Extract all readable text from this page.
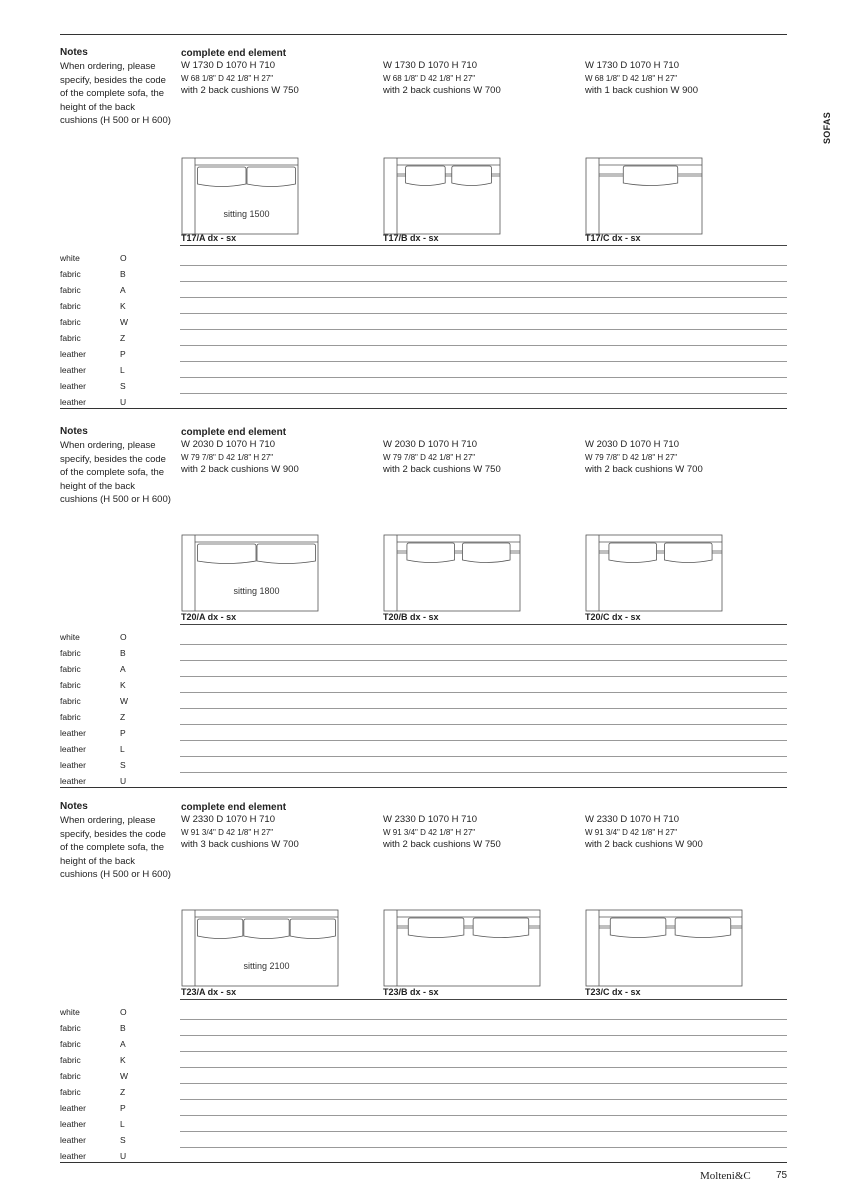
SOFAS
Notes
When ordering, please specify, besides the code of the complete sofa, the height of the back cushions (H 500 or H 600)
complete end element
W 1730 D 1070 H 710
W 68 1/8" D 42 1/8" H 27"
with 2 back cushions W 750
sitting 1500
T17/A dx - sx
W 1730 D 1070 H 710
W 68 1/8" D 42 1/8" H 27"
with 2 back cushions W 700
T17/B dx - sx
W 1730 D 1070 H 710
W 68 1/8" D 42 1/8" H 27"
with 1 back cushion W 900
T17/C dx - sx
white	O
fabric	B
fabric	A
fabric	K
fabric	W
fabric	Z
leather	P
leather	L
leather	S
leather	U
Notes
When ordering, please specify, besides the code of the complete sofa, the height of the back cushions (H 500 or H 600)
complete end element
W 2030 D 1070 H 710
W 79 7/8" D 42 1/8" H 27"
with 2 back cushions W 900
sitting 1800
T20/A dx - sx
W 2030 D 1070 H 710
W 79 7/8" D 42 1/8" H 27"
with 2 back cushions W 750
T20/B dx - sx
W 2030 D 1070 H 710
W 79 7/8" D 42 1/8" H 27"
with 2 back cushions W 700
T20/C dx - sx
white	O
fabric	B
fabric	A
fabric	K
fabric	W
fabric	Z
leather	P
leather	L
leather	S
leather	U
Notes
When ordering, please specify, besides the code of the complete sofa, the height of the back cushions (H 500 or H 600)
complete end element
W 2330 D 1070 H 710
W 91 3/4" D 42 1/8" H 27"
with 3 back cushions W 700
sitting 2100
T23/A dx - sx
W 2330 D 1070 H 710
W 91 3/4" D 42 1/8" H 27"
with 2 back cushions W 750
T23/B dx - sx
W 2330 D 1070 H 710
W 91 3/4" D 42 1/8" H 27"
with 2 back cushions W 900
T23/C dx - sx
white	O
fabric	B
fabric	A
fabric	K
fabric	W
fabric	Z
leather	P
leather	L
leather	S
leather	U
Molteni&C	75
